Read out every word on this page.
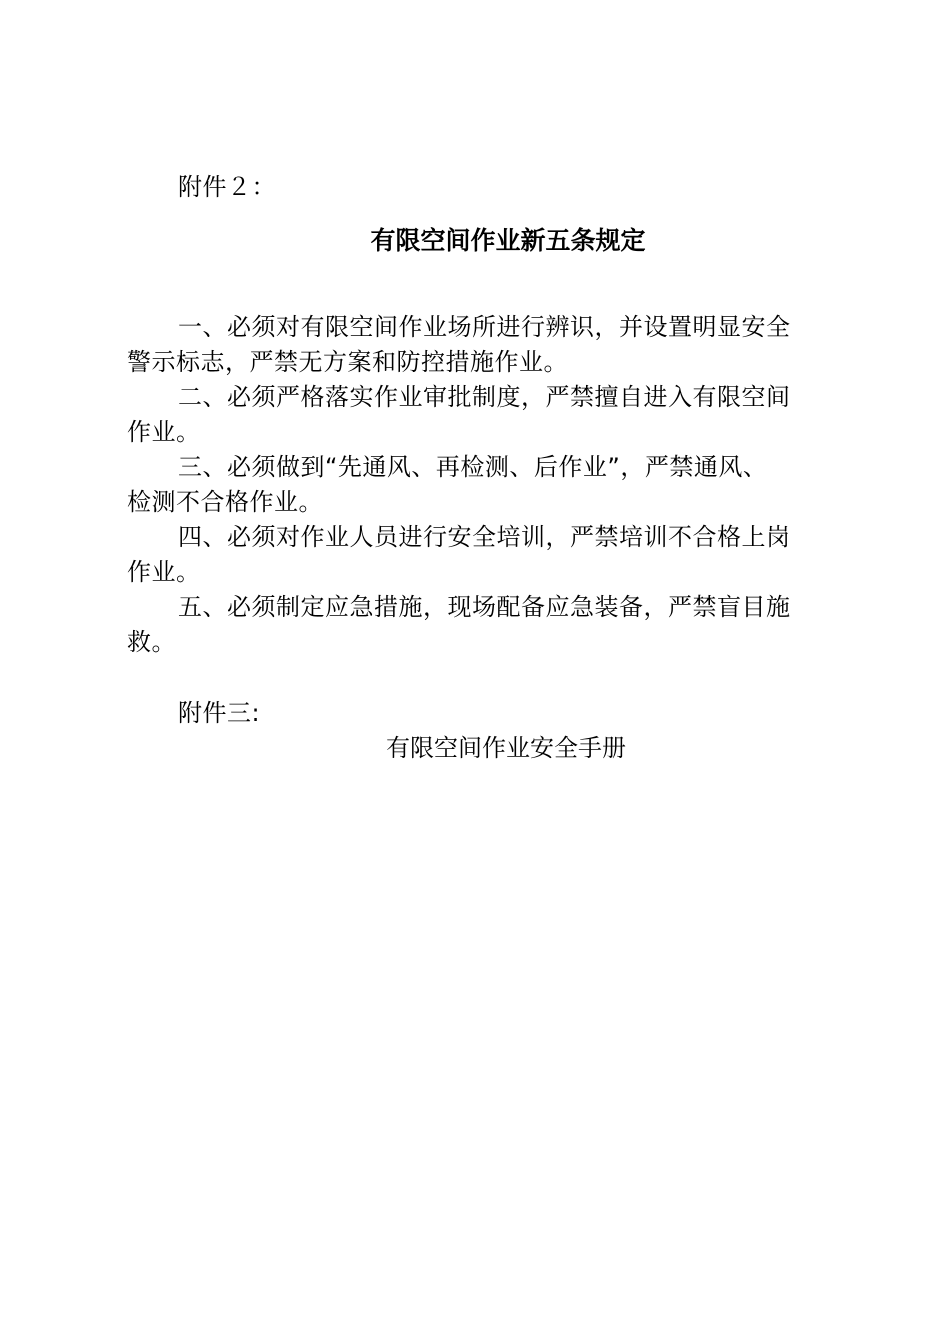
附件２：
有限空间作业新五条规定
一、必须对有限空间作业场所进行辨识，并设置明显安全
警示标志，严禁无方案和防控措施作业。
二、必须严格落实作业审批制度，严禁擅自进入有限空间
作业。
三、必须做到“先通风、再检测、后作业”，严禁通风、
检测不合格作业。
四、必须对作业人员进行安全培训，严禁培训不合格上岗
作业。
五、必须制定应急措施，现场配备应急装备，严禁盲目施
救。
附件三:
有限空间作业安全手册
